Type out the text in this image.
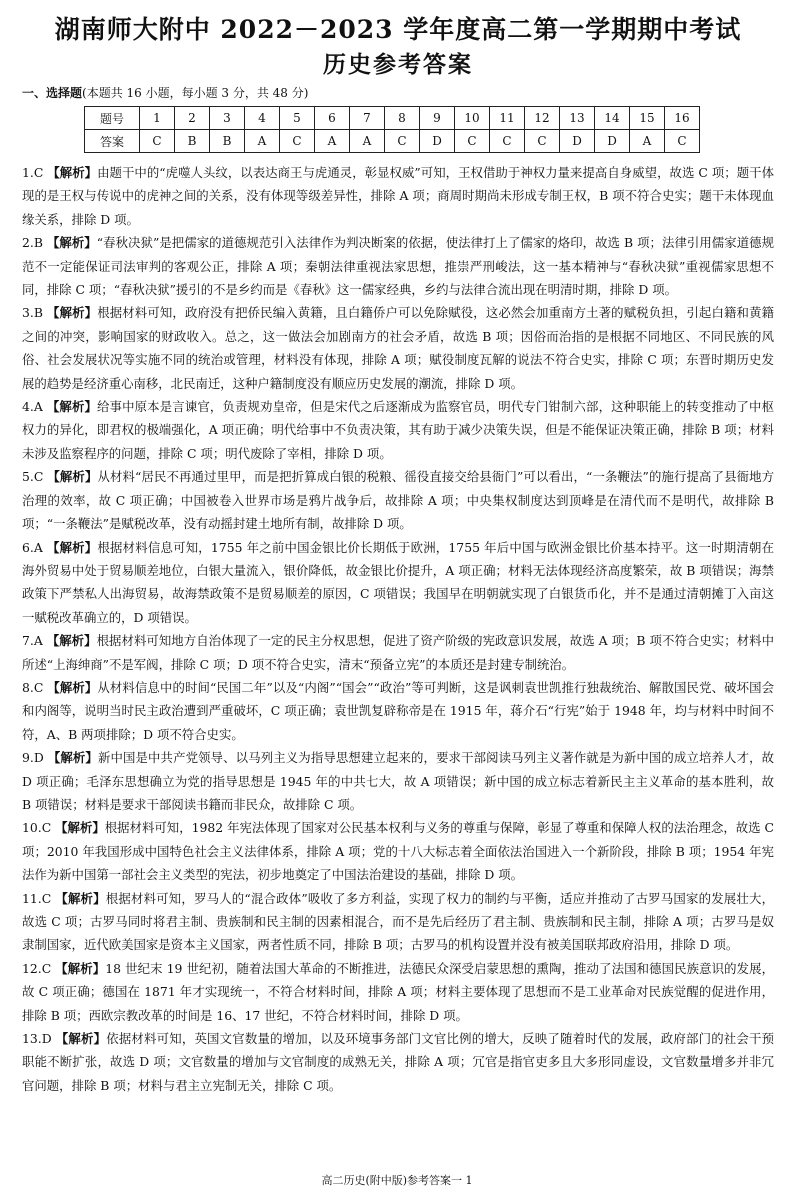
湖南师大附中 2022－2023 学年度高二第一学期期中考试
历史参考答案
一、选择题(本题共 16 小题，每小题 3 分，共 48 分)
题号	1	2	3	4	5	6	7	8	9	10	11	12	13	14	15	16
答案	C	B	B	A	C	A	A	C	D	C	C	C	D	D	A	C

1.C 【解析】由题干中的“虎噬人头纹，以表达商王与虎通灵，彰显权威”可知，王权借助于神权力量来提高自身威望，故选 C 项；题干体现的是王权与传说中的虎神之间的关系，没有体现等级差异性，排除 A 项；商周时期尚未形成专制王权，B 项不符合史实；题干未体现血缘关系，排除 D 项。

2.B 【解析】“春秋决狱”是把儒家的道德规范引入法律作为判决断案的依据，使法律打上了儒家的烙印，故选 B 项；法律引用儒家道德规范不一定能保证司法审判的客观公正，排除 A 项；秦朝法律重视法家思想，推崇严刑峻法，这一基本精神与“春秋决狱”重视儒家思想不同，排除 C 项；“春秋决狱”援引的不是乡约而是《春秋》这一儒家经典，乡约与法律合流出现在明清时期，排除 D 项。

3.B 【解析】根据材料可知，政府没有把侨民编入黄籍，且白籍侨户可以免除赋役，这必然会加重南方土著的赋税负担，引起白籍和黄籍之间的冲突，影响国家的财政收入。总之，这一做法会加剧南方的社会矛盾，故选 B 项；因俗而治指的是根据不同地区、不同民族的风俗、社会发展状况等实施不同的统治或管理，材料没有体现，排除 A 项；赋役制度瓦解的说法不符合史实，排除 C 项；东晋时期历史发展的趋势是经济重心南移，北民南迁，这种户籍制度没有顺应历史发展的潮流，排除 D 项。

4.A 【解析】给事中原本是言谏官，负责规劝皇帝，但是宋代之后逐渐成为监察官员，明代专门钳制六部，这种职能上的转变推动了中枢权力的异化，即君权的极端强化，A 项正确；明代给事中不负责决策，其有助于减少决策失误，但是不能保证决策正确，排除 B 项；材料未涉及监察程序的问题，排除 C 项；明代废除了宰相，排除 D 项。

5.C 【解析】从材料“居民不再通过里甲，而是把折算成白银的税粮、徭役直接交给县衙门”可以看出，“一条鞭法”的施行提高了县衙地方治理的效率，故 C 项正确；中国被卷入世界市场是鸦片战争后，故排除 A 项；中央集权制度达到顶峰是在清代而不是明代，故排除 B 项；“一条鞭法”是赋税改革，没有动摇封建土地所有制，故排除 D 项。

6.A 【解析】根据材料信息可知，1755 年之前中国金银比价长期低于欧洲，1755 年后中国与欧洲金银比价基本持平。这一时期清朝在海外贸易中处于贸易顺差地位，白银大量流入，银价降低，故金银比价提升，A 项正确；材料无法体现经济高度繁荣，故 B 项错误；海禁政策下严禁私人出海贸易，故海禁政策不是贸易顺差的原因，C 项错误；我国早在明朝就实现了白银货币化，并不是通过清朝摊丁入亩这一赋税改革确立的，D 项错误。

7.A 【解析】根据材料可知地方自治体现了一定的民主分权思想，促进了资产阶级的宪政意识发展，故选 A 项；B 项不符合史实；材料中所述“上海绅商”不是军阀，排除 C 项；D 项不符合史实，清末“预备立宪”的本质还是封建专制统治。

8.C 【解析】从材料信息中的时间“民国二年”以及“内阁”“国会”“政治”等可判断，这是讽刺袁世凯推行独裁统治、解散国民党、破坏国会和内阁等，说明当时民主政治遭到严重破坏，C 项正确；袁世凯复辟称帝是在 1915 年，蒋介石“行宪”始于 1948 年，均与材料中时间不符，A、B 两项排除；D 项不符合史实。

9.D 【解析】新中国是中共产党领导、以马列主义为指导思想建立起来的，要求干部阅读马列主义著作就是为新中国的成立培养人才，故 D 项正确；毛泽东思想确立为党的指导思想是 1945 年的中共七大，故 A 项错误；新中国的成立标志着新民主主义革命的基本胜利，故 B 项错误；材料是要求干部阅读书籍而非民众，故排除 C 项。

10.C 【解析】根据材料可知，1982 年宪法体现了国家对公民基本权利与义务的尊重与保障，彰显了尊重和保障人权的法治理念，故选 C 项；2010 年我国形成中国特色社会主义法律体系，排除 A 项；党的十八大标志着全面依法治国进入一个新阶段，排除 B 项；1954 年宪法作为新中国第一部社会主义类型的宪法，初步地奠定了中国法治建设的基础，排除 D 项。

11.C 【解析】根据材料可知，罗马人的“混合政体”吸收了多方利益，实现了权力的制约与平衡，适应并推动了古罗马国家的发展壮大，故选 C 项；古罗马同时将君主制、贵族制和民主制的因素相混合，而不是先后经历了君主制、贵族制和民主制，排除 A 项；古罗马是奴隶制国家，近代欧美国家是资本主义国家，两者性质不同，排除 B 项；古罗马的机构设置并没有被美国联邦政府沿用，排除 D 项。

12.C 【解析】18 世纪末 19 世纪初，随着法国大革命的不断推进，法德民众深受启蒙思想的熏陶，推动了法国和德国民族意识的发展，故 C 项正确；德国在 1871 年才实现统一，不符合材料时间，排除 A 项；材料主要体现了思想而不是工业革命对民族觉醒的促进作用，排除 B 项；西欧宗教改革的时间是 16、17 世纪，不符合材料时间，排除 D 项。

13.D 【解析】依据材料可知，英国文官数量的增加，以及环境事务部门文官比例的增大，反映了随着时代的发展，政府部门的社会干预职能不断扩张，故选 D 项；文官数量的增加与文官制度的成熟无关，排除 A 项；冗官是指官吏多且大多形同虚设，文官数量增多并非冗官问题，排除 B 项；材料与君主立宪制无关，排除 C 项。

高二历史(附中版)参考答案一 1
